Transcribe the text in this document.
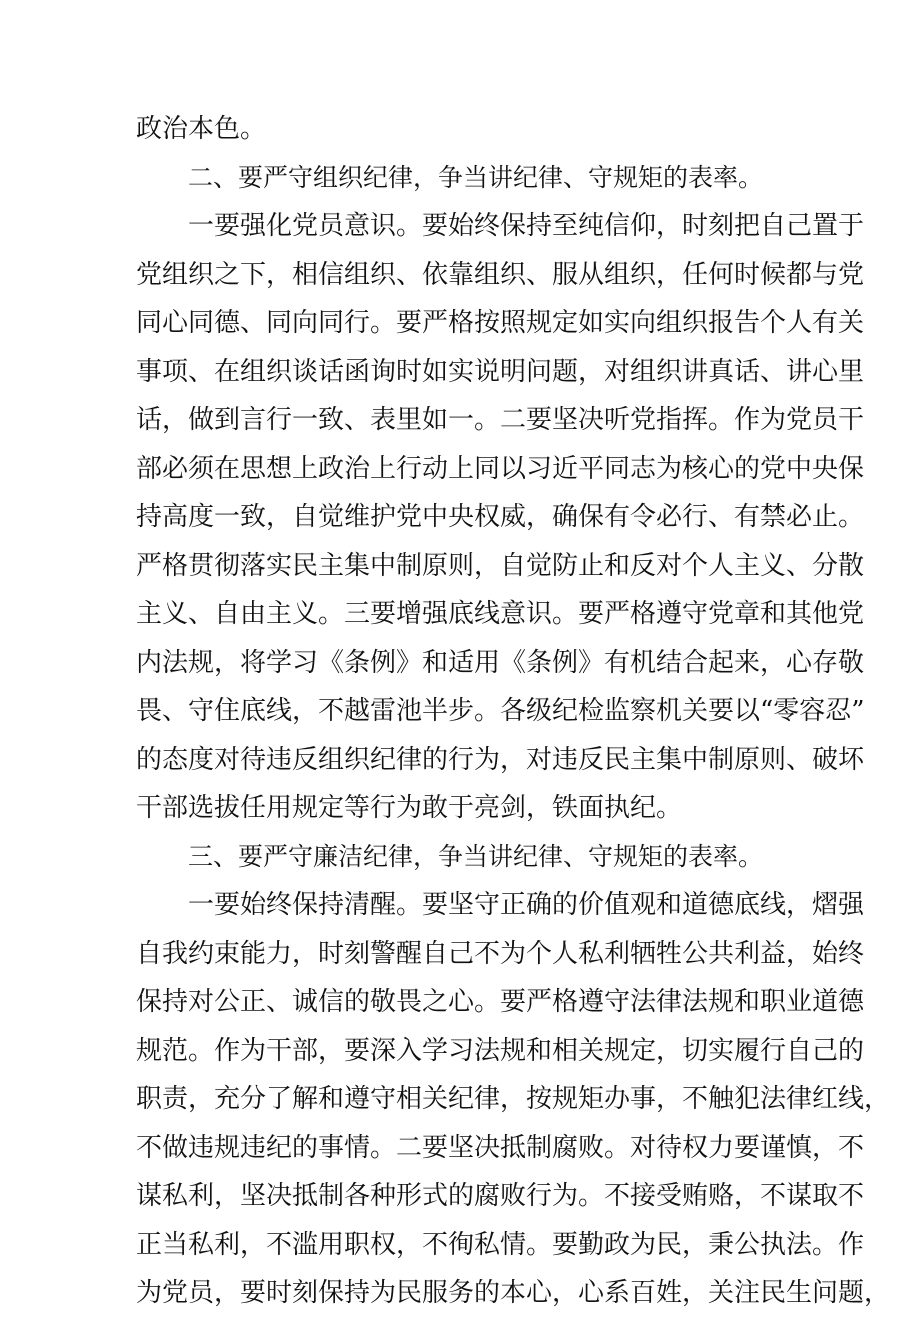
政治本色。
二、要严守组织纪律，争当讲纪律、守规矩的表率。
一要强化党员意识。要始终保持至纯信仰，时刻把自己置于
党组织之下，相信组织、依靠组织、服从组织，任何时候都与党
同心同德、同向同行。要严格按照规定如实向组织报告个人有关
事项、在组织谈话函询时如实说明问题，对组织讲真话、讲心里
话，做到言行一致、表里如一。二要坚决听党指挥。作为党员干
部必须在思想上政治上行动上同以习近平同志为核心的党中央保
持高度一致，自觉维护党中央权威，确保有令必行、有禁必止。
严格贯彻落实民主集中制原则，自觉防止和反对个人主义、分散
主义、自由主义。三要增强底线意识。要严格遵守党章和其他党
内法规，将学习《条例》和适用《条例》有机结合起来，心存敬
畏、守住底线，不越雷池半步。各级纪检监察机关要以“零容忍”
的态度对待违反组织纪律的行为，对违反民主集中制原则、破坏
干部选拔任用规定等行为敢于亮剑，铁面执纪。
三、要严守廉洁纪律，争当讲纪律、守规矩的表率。
一要始终保持清醒。要坚守正确的价值观和道德底线，熠强
自我约束能力，时刻警醒自己不为个人私利牺牲公共利益，始终
保持对公正、诚信的敬畏之心。要严格遵守法律法规和职业道德
规范。作为干部，要深入学习法规和相关规定，切实履行自己的
职责，充分了解和遵守相关纪律，按规矩办事，不触犯法律红线，
不做违规违纪的事情。二要坚决抵制腐败。对待权力要谨慎，不
谋私利，坚决抵制各种形式的腐败行为。不接受贿赂，不谋取不
正当私利，不滥用职权，不徇私情。要勤政为民，秉公执法。作
为党员，要时刻保持为民服务的本心，心系百姓，关注民生问题，
